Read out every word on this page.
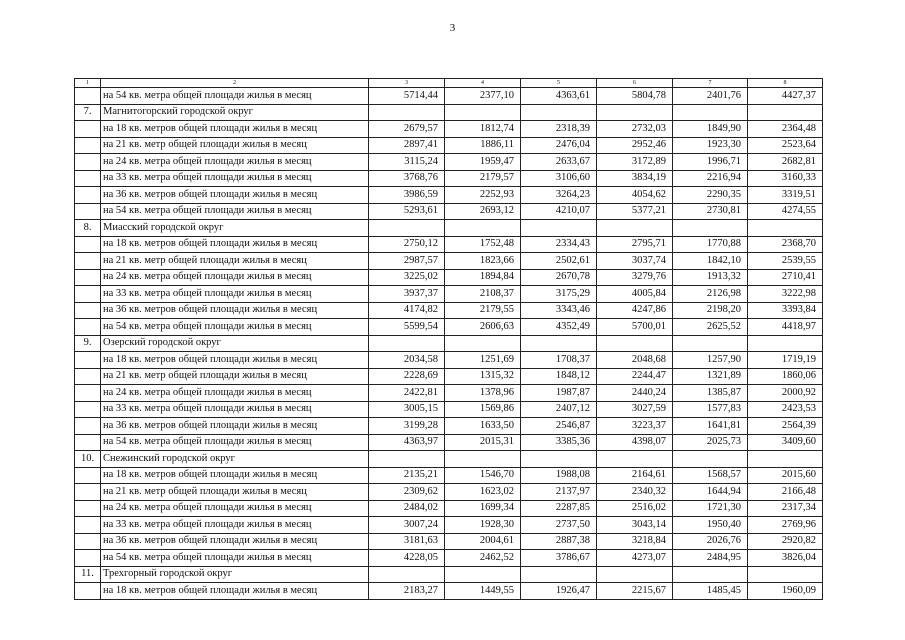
3
1	2	3	4	5	6	7	8
	на 54 кв. метра общей площади жилья в месяц	5714,44	2377,10	4363,61	5804,78	2401,76	4427,37
7.	Магнитогорский городской округ						
	на 18 кв. метров общей площади жилья в месяц	2679,57	1812,74	2318,39	2732,03	1849,90	2364,48
	на 21 кв. метр общей площади жилья в месяц	2897,41	1886,11	2476,04	2952,46	1923,30	2523,64
	на 24 кв. метра общей площади жилья в месяц	3115,24	1959,47	2633,67	3172,89	1996,71	2682,81
	на 33 кв. метра общей площади жилья в месяц	3768,76	2179,57	3106,60	3834,19	2216,94	3160,33
	на 36 кв. метров общей площади жилья в месяц	3986,59	2252,93	3264,23	4054,62	2290,35	3319,51
	на 54 кв. метра общей площади жилья в месяц	5293,61	2693,12	4210,07	5377,21	2730,81	4274,55
8.	Миасский городской округ						
	на 18 кв. метров общей площади жилья в месяц	2750,12	1752,48	2334,43	2795,71	1770,88	2368,70
	на 21 кв. метр общей площади жилья в месяц	2987,57	1823,66	2502,61	3037,74	1842,10	2539,55
	на 24 кв. метра общей площади жилья в месяц	3225,02	1894,84	2670,78	3279,76	1913,32	2710,41
	на 33 кв. метра общей площади жилья в месяц	3937,37	2108,37	3175,29	4005,84	2126,98	3222,98
	на 36 кв. метров общей площади жилья в месяц	4174,82	2179,55	3343,46	4247,86	2198,20	3393,84
	на 54 кв. метра общей площади жилья в месяц	5599,54	2606,63	4352,49	5700,01	2625,52	4418,97
9.	Озерский городской округ						
	на 18 кв. метров общей площади жилья в месяц	2034,58	1251,69	1708,37	2048,68	1257,90	1719,19
	на 21 кв. метр общей площади жилья в месяц	2228,69	1315,32	1848,12	2244,47	1321,89	1860,06
	на 24 кв. метра общей площади жилья в месяц	2422,81	1378,96	1987,87	2440,24	1385,87	2000,92
	на 33 кв. метра общей площади жилья в месяц	3005,15	1569,86	2407,12	3027,59	1577,83	2423,53
	на 36 кв. метров общей площади жилья в месяц	3199,28	1633,50	2546,87	3223,37	1641,81	2564,39
	на 54 кв. метра общей площади жилья в месяц	4363,97	2015,31	3385,36	4398,07	2025,73	3409,60
10.	Снежинский городской округ						
	на 18 кв. метров общей площади жилья в месяц	2135,21	1546,70	1988,08	2164,61	1568,57	2015,60
	на 21 кв. метр общей площади жилья в месяц	2309,62	1623,02	2137,97	2340,32	1644,94	2166,48
	на 24 кв. метра общей площади жилья в месяц	2484,02	1699,34	2287,85	2516,02	1721,30	2317,34
	на 33 кв. метра общей площади жилья в месяц	3007,24	1928,30	2737,50	3043,14	1950,40	2769,96
	на 36 кв. метров общей площади жилья в месяц	3181,63	2004,61	2887,38	3218,84	2026,76	2920,82
	на 54 кв. метра общей площади жилья в месяц	4228,05	2462,52	3786,67	4273,07	2484,95	3826,04
11.	Трехгорный городской округ						
	на 18 кв. метров общей площади жилья в месяц	2183,27	1449,55	1926,47	2215,67	1485,45	1960,09
